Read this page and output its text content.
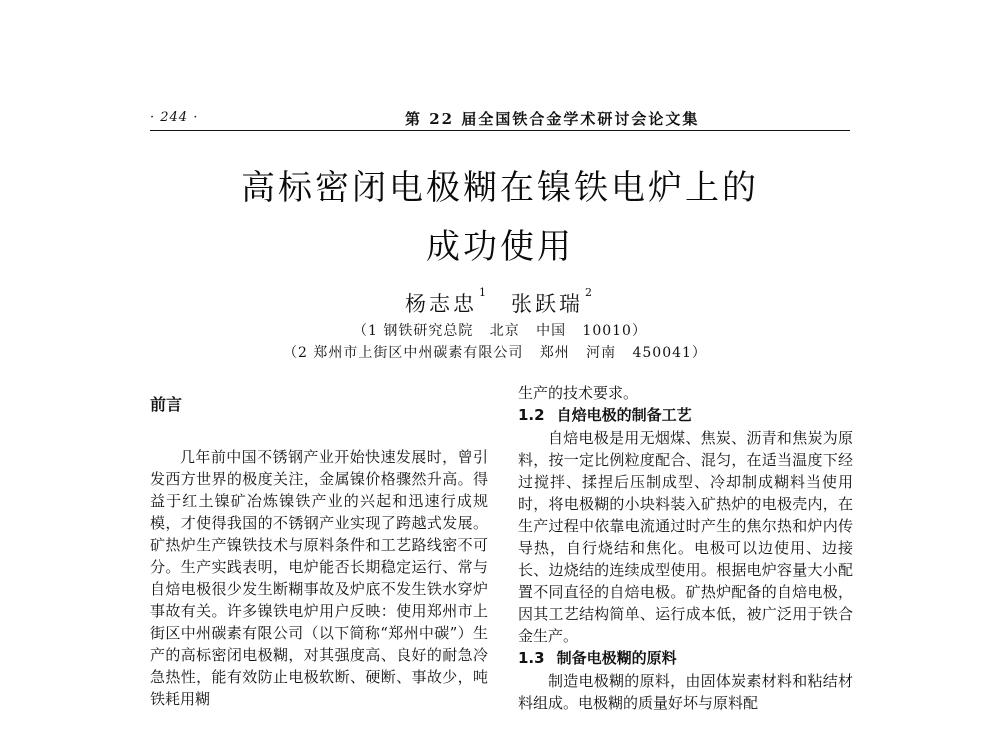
· 244 ·	第 22 届全国铁合金学术研讨会论文集
高标密闭电极糊在镍铁电炉上的
成功使用
杨志忠 $^1$ 张跃瑞 $^2$
（1 钢铁研究总院   北京   中国   10010）
（2 郑州市上街区中州碳素有限公司   郑州   河南   450041）
前言

几年前中国不锈钢产业开始快速发展时，曾引发西方世界的极度关注，金属镍价格骤然升高。得益于红土镍矿冶炼镍铁产业的兴起和迅速行成规模，才使得我国的不锈钢产业实现了跨越式发展。矿热炉生产镍铁技术与原料条件和工艺路线密不可分。生产实践表明，电炉能否长期稳定运行、常与自焙电极很少发生断糊事故及炉底不发生铁水穿炉事故有关。许多镍铁电炉用户反映：使用郑州市上街区中州碳素有限公司（以下简称“郑州中碳”）生产的高标密闭电极糊，对其强度高、良好的耐急冷急热性，能有效防止电极软断、硬断、事故少，吨铁耗用糊

生产的技术要求。

1.2 自焙电极的制备工艺

自焙电极是用无烟煤、焦炭、沥青和焦炭为原料，按一定比例粒度配合、混匀，在适当温度下经过搅拌、揉捏后压制成型、冷却制成糊料当使用时，将电极糊的小块料装入矿热炉的电极壳内，在生产过程中依靠电流通过时产生的焦尔热和炉内传导热，自行烧结和焦化。电极可以边使用、边接长、边烧结的连续成型使用。根据电炉容量大小配置不同直径的自焙电极。矿热炉配备的自焙电极，因其工艺结构简单、运行成本低，被广泛用于铁合金生产。

1.3 制备电极糊的原料

制造电极糊的原料，由固体炭素材料和粘结材料组成。电极糊的质量好坏与原料配
